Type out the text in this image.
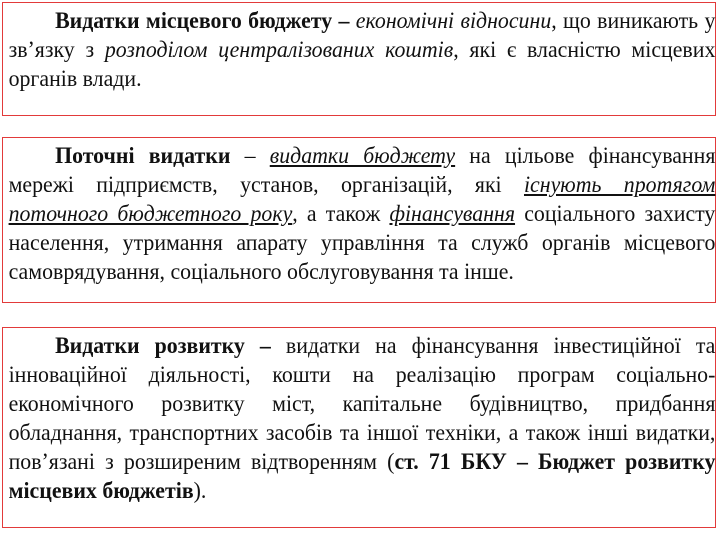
Видатки місцевого бюджету – економічні відносини, що виникають у зв’язку з розподілом централізованих коштів, які є власністю місцевих органів влади.

Поточні видатки – видатки бюджету на цільове фінансування мережі підприємств, установ, організацій, які існують протягом поточного бюджетного року, а також фінансування соціального захисту населення, утримання апарату управління та служб органів місцевого самоврядування, соціального обслуговування та інше.

Видатки розвитку – видатки на фінансування інвестиційної та інноваційної діяльності, кошти на реалізацію програм соціально-економічного розвитку міст, капітальне будівництво, придбання обладнання, транспортних засобів та іншої техніки, а також інші видатки, пов’язані з розширеним відтворенням (ст. 71 БКУ – Бюджет розвитку місцевих бюджетів).
